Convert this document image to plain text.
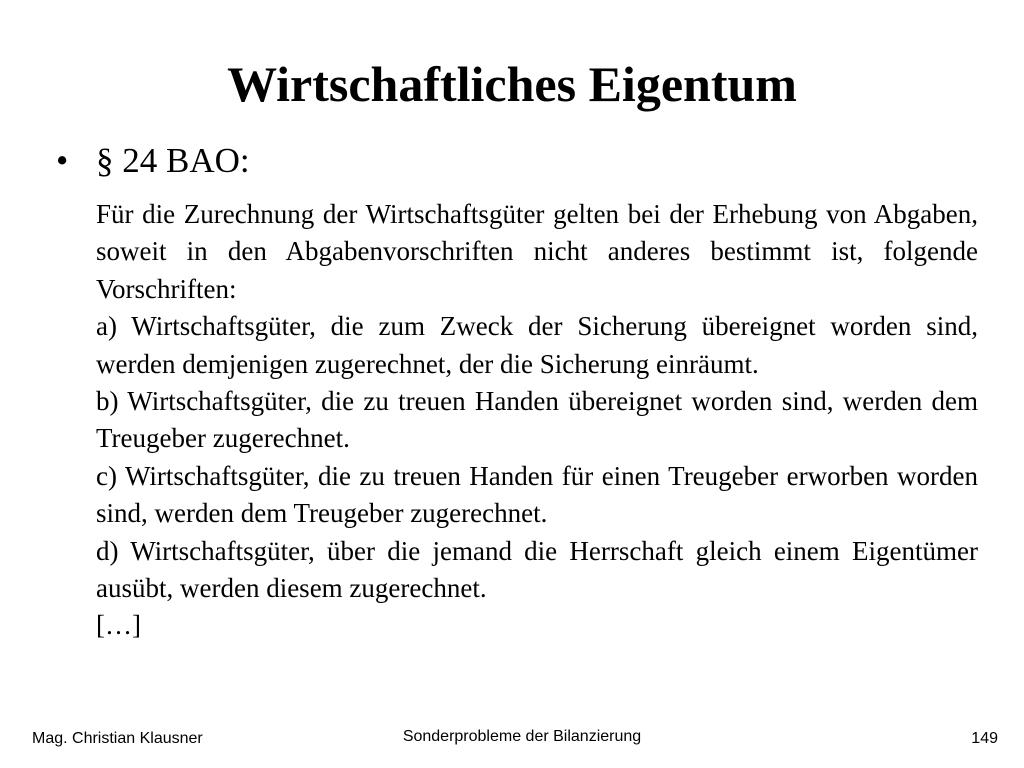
Wirtschaftliches Eigentum
• § 24 BAO:

Für die Zurechnung der Wirtschaftsgüter gelten bei der Erhebung von Abgaben, soweit in den Abgabenvorschriften nicht anderes bestimmt ist, folgende Vorschriften:

a) Wirtschaftsgüter, die zum Zweck der Sicherung übereignet worden sind, werden demjenigen zugerechnet, der die Sicherung einräumt.

b) Wirtschaftsgüter, die zu treuen Handen übereignet worden sind, werden dem Treugeber zugerechnet.

c) Wirtschaftsgüter, die zu treuen Handen für einen Treugeber erworben worden sind, werden dem Treugeber zugerechnet.

d) Wirtschaftsgüter, über die jemand die Herrschaft gleich einem Eigentümer ausübt, werden diesem zugerechnet.

[…]

Mag. Christian Klausner	Sonderprobleme der Bilanzierung	149
